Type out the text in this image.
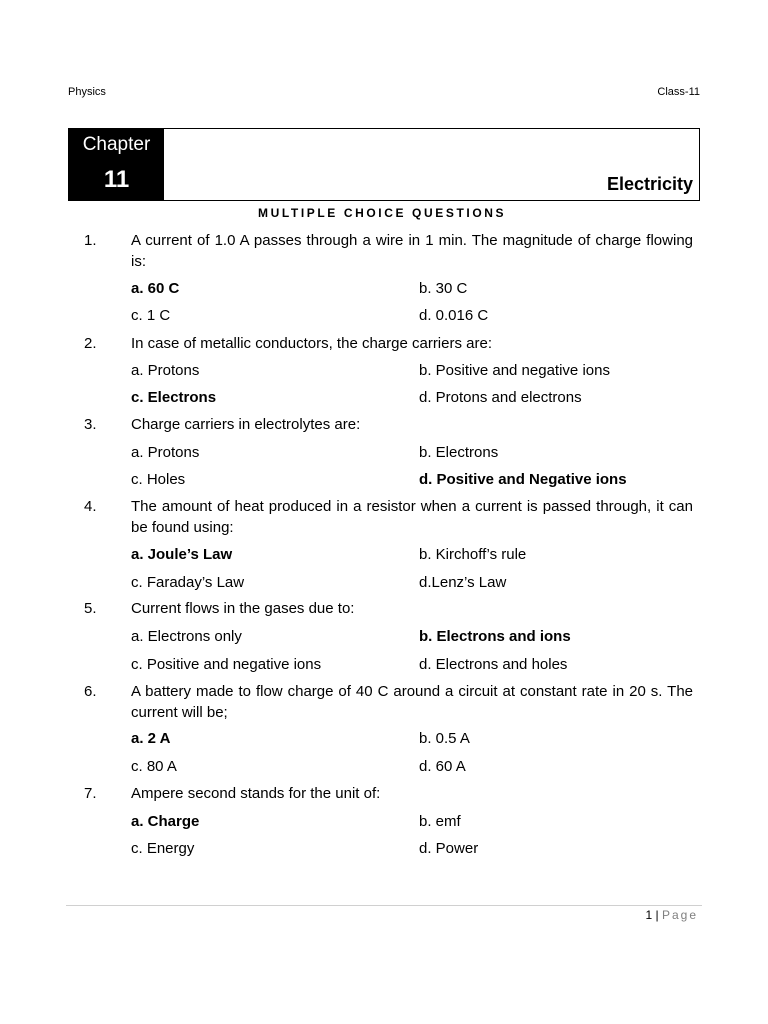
Physics	Class-11
Chapter
11	Electricity
MULTIPLE CHOICE QUESTIONS
1. A current of 1.0 A passes through a wire in 1 min. The magnitude of charge flowing is:
a. 60 C	b. 30 C
c. 1 C	d. 0.016 C
2. In case of metallic conductors, the charge carriers are:
a. Protons	b. Positive and negative ions
c. Electrons	d. Protons and electrons
3. Charge carriers in electrolytes are:
a. Protons	b. Electrons
c. Holes	d. Positive and Negative ions
4. The amount of heat produced in a resistor when a current is passed through, it can be found using:
a. Joule’s Law	b. Kirchoff’s rule
c. Faraday’s Law	d.Lenz’s Law
5. Current flows in the gases due to:
a. Electrons only	b. Electrons and ions
c. Positive and negative ions	d. Electrons and holes
6. A battery made to flow charge of 40 C around a circuit at constant rate in 20 s. The current will be;
a. 2 A	b. 0.5 A
c. 80 A	d. 60 A
7. Ampere second stands for the unit of:
a. Charge	b. emf
c. Energy	d. Power
1 | Page
